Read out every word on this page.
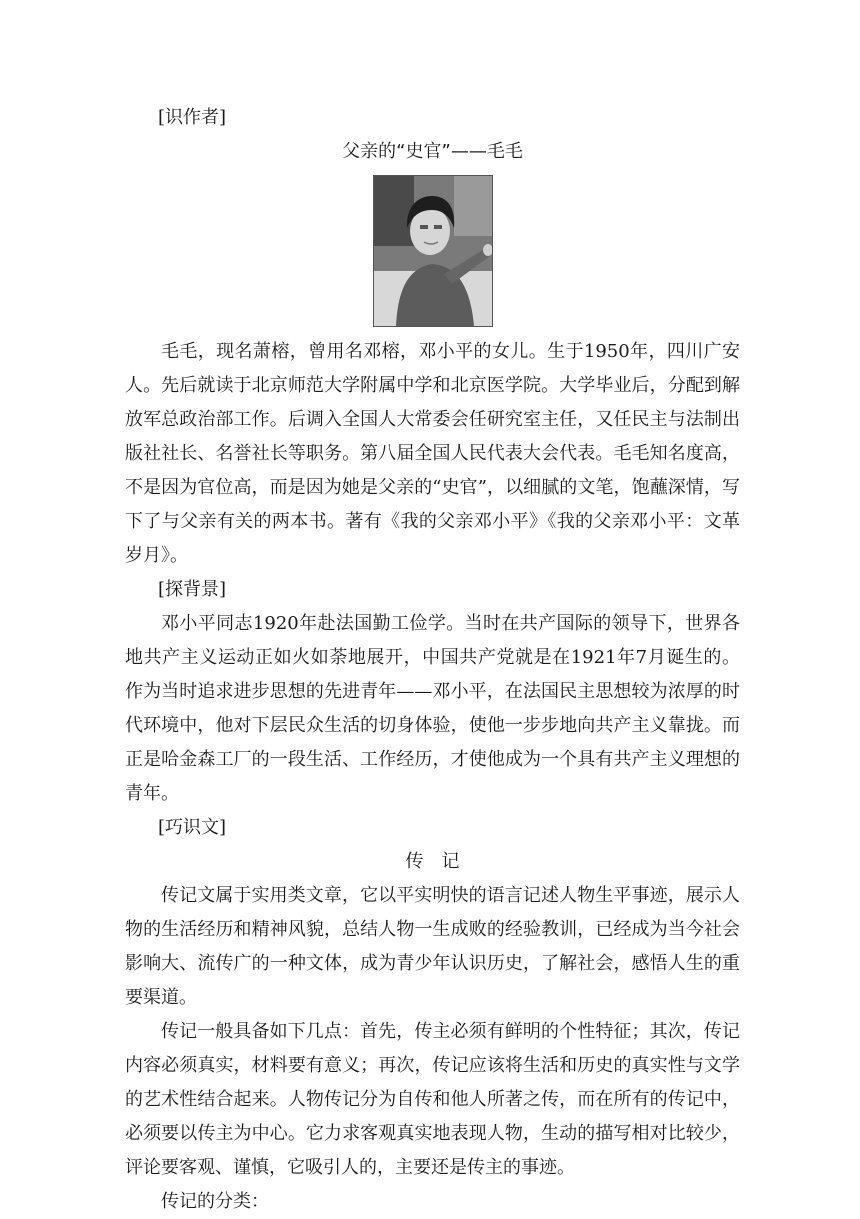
[识作者]
父亲的“史官”——毛毛

毛毛，现名萧榕，曾用名邓榕，邓小平的女儿。生于1950年，四川广安人。先后就读于北京师范大学附属中学和北京医学院。大学毕业后，分配到解放军总政治部工作。后调入全国人大常委会任研究室主任，又任民主与法制出版社社长、名誉社长等职务。第八届全国人民代表大会代表。毛毛知名度高，不是因为官位高，而是因为她是父亲的“史官”，以细腻的文笔，饱蘸深情，写下了与父亲有关的两本书。著有《我的父亲邓小平》《我的父亲邓小平：文革岁月》。

[探背景]

邓小平同志1920年赴法国勤工俭学。当时在共产国际的领导下，世界各地共产主义运动正如火如荼地展开，中国共产党就是在1921年7月诞生的。作为当时追求进步思想的先进青年——邓小平，在法国民主思想较为浓厚的时代环境中，他对下层民众生活的切身体验，使他一步步地向共产主义靠拢。而正是哈金森工厂的一段生活、工作经历，才使他成为一个具有共产主义理想的青年。

[巧识文]
传记

传记文属于实用类文章，它以平实明快的语言记述人物生平事迹，展示人物的生活经历和精神风貌，总结人物一生成败的经验教训，已经成为当今社会影响大、流传广的一种文体，成为青少年认识历史，了解社会，感悟人生的重要渠道。

传记一般具备如下几点：首先，传主必须有鲜明的个性特征；其次，传记内容必须真实，材料要有意义；再次，传记应该将生活和历史的真实性与文学的艺术性结合起来。人物传记分为自传和他人所著之传，而在所有的传记中，必须要以传主为中心。它力求客观真实地表现人物，生动的描写相对比较少，评论要客观、谨慎，它吸引人的，主要还是传主的事迹。

传记的分类：
